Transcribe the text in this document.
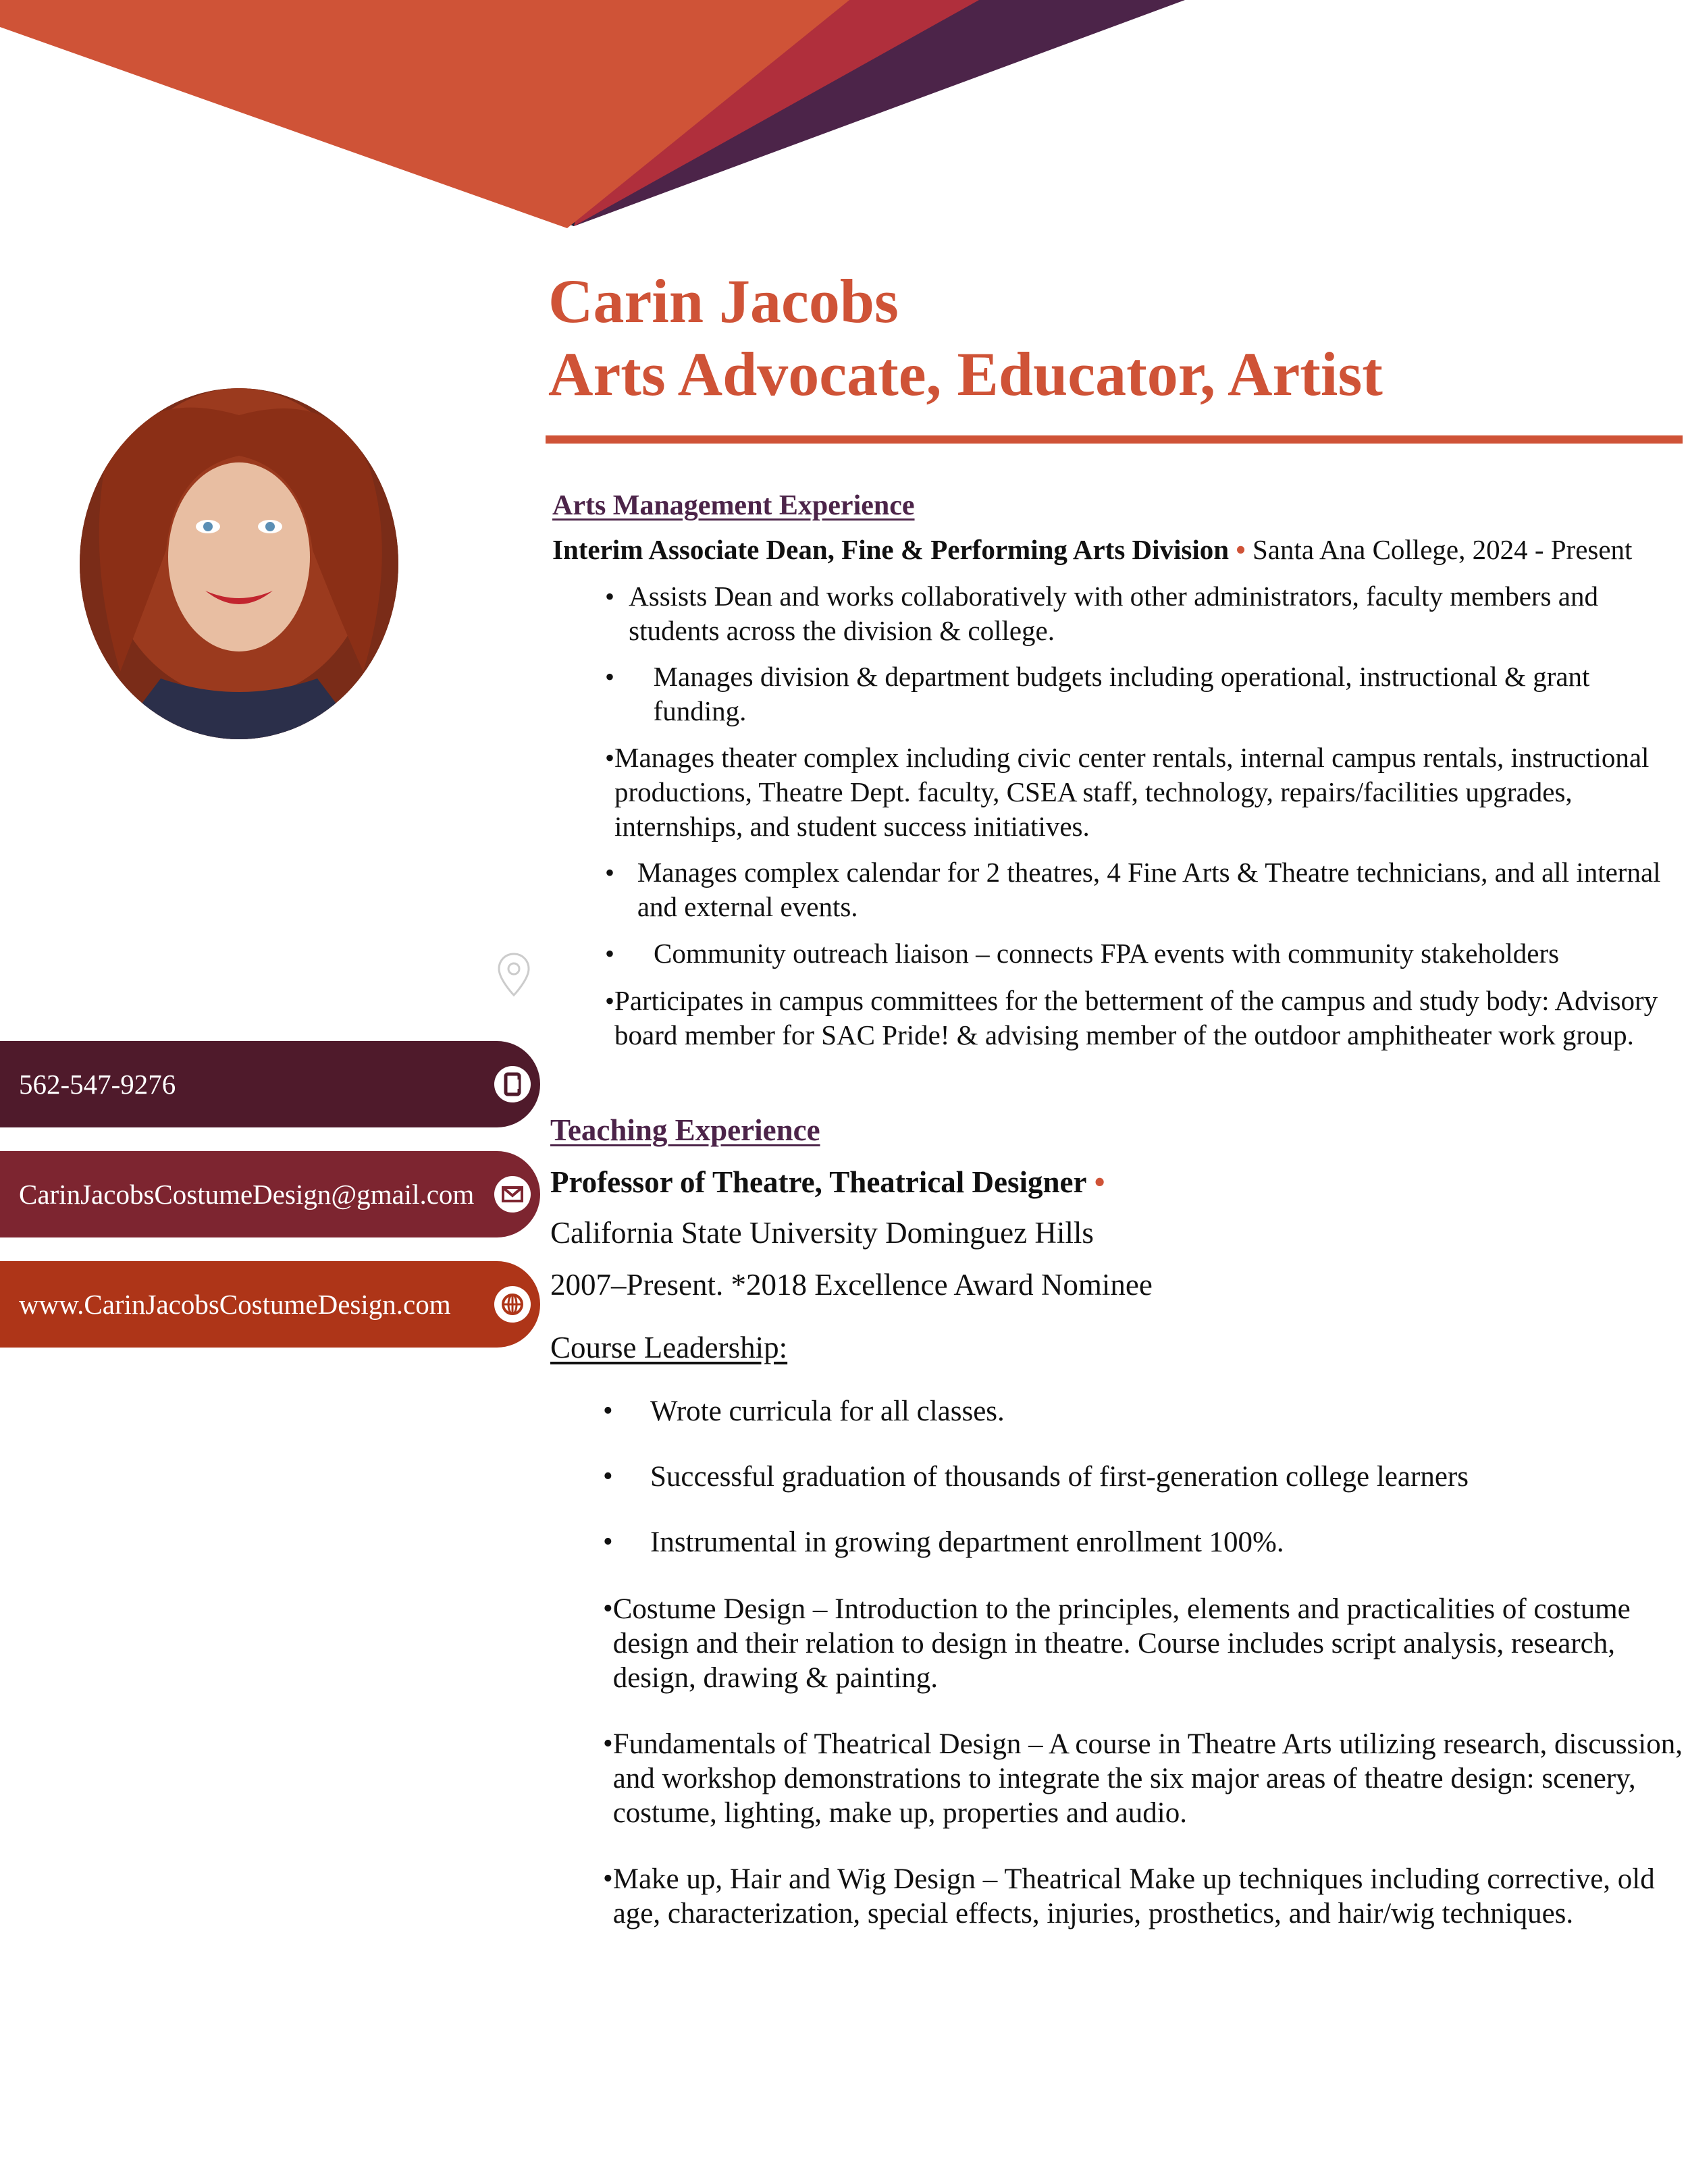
Carin Jacobs
Arts Advocate, Educator, Artist
562-547-9276
CarinJacobsCostumeDesign@gmail.com
www.CarinJacobsCostumeDesign.com
Arts Management Experience
Interim Associate Dean, Fine & Performing Arts Division • Santa Ana College, 2024 - Present
•
Assists Dean and works collaboratively with other administrators, faculty members and students across the division & college.
•
Manages division & department budgets including operational, instructional & grant funding.
•
Manages theater complex including civic center rentals, internal campus rentals, instructional productions, Theatre Dept. faculty, CSEA staff, technology, repairs/facilities upgrades, internships, and student success initiatives.
•
Manages complex calendar for 2 theatres, 4 Fine Arts & Theatre technicians, and all internal and external events.
•
Community outreach liaison – connects FPA events with community stakeholders
•
Participates in campus committees for the betterment of the campus and study body: Advisory board member for SAC Pride! & advising member of the outdoor amphitheater work group.
Teaching Experience
Professor of Theatre, Theatrical Designer •
California State University Dominguez Hills
2007–Present. *2018 Excellence Award Nominee
Course Leadership:
•
Wrote curricula for all classes.
•
Successful graduation of thousands of first-generation college learners
•
Instrumental in growing department enrollment 100%.
•
Costume Design – Introduction to the principles, elements and practicalities of costume design and their relation to design in theatre. Course includes script analysis, research, design, drawing & painting.
•
Fundamentals of Theatrical Design – A course in Theatre Arts utilizing research, discussion, and workshop demonstrations to integrate the six major areas of theatre design: scenery, costume, lighting, make up, properties and audio.
•
Make up, Hair and Wig Design – Theatrical Make up techniques including corrective, old age, characterization, special effects, injuries, prosthetics, and hair/wig techniques.
